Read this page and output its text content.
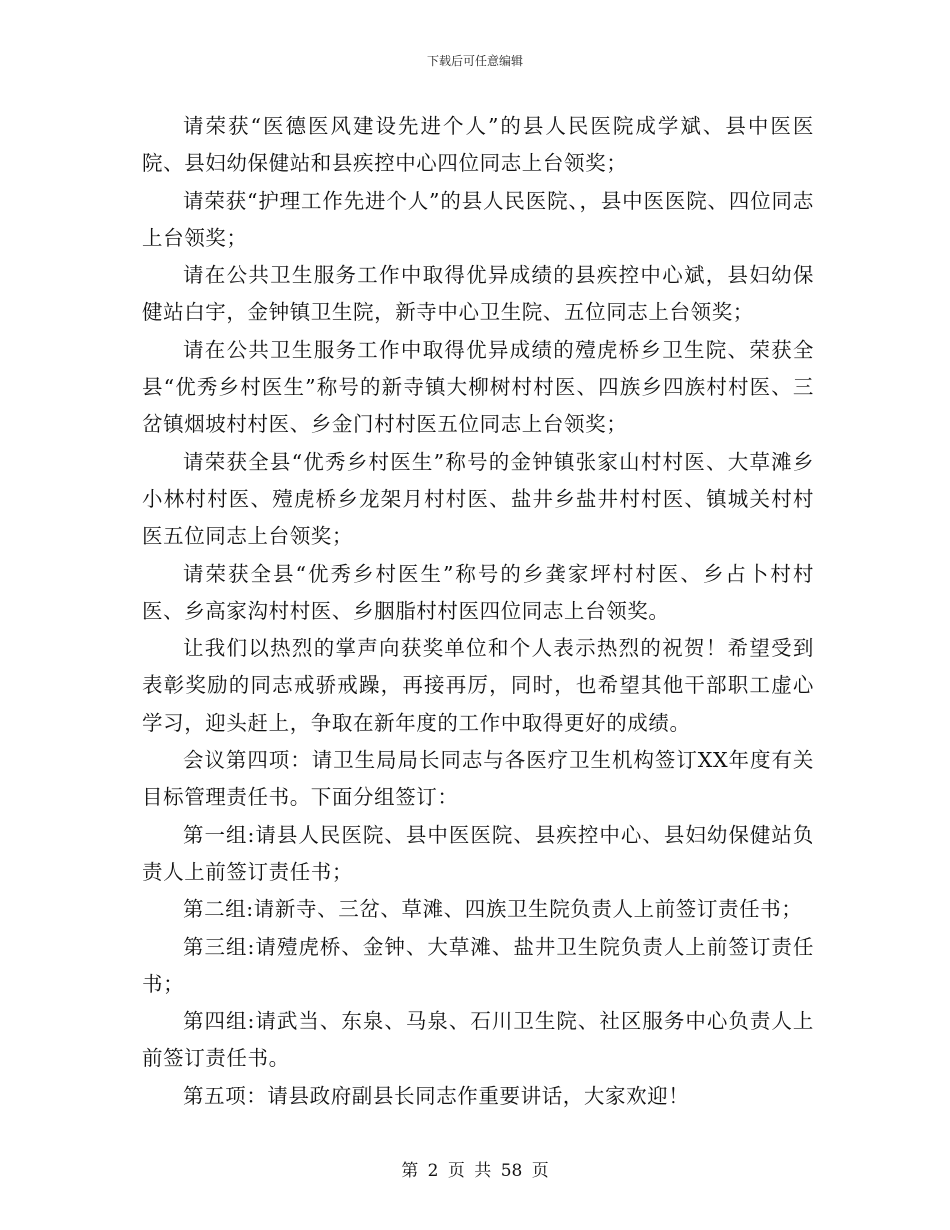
下载后可任意编辑

请荣获“医德医风建设先进个人”的县人民医院成学斌、县中医医院、县妇幼保健站和县疾控中心四位同志上台领奖；

请荣获“护理工作先进个人”的县人民医院、，县中医医院、四位同志上台领奖；

请在公共卫生服务工作中取得优异成绩的县疾控中心斌，县妇幼保健站白宇，金钟镇卫生院，新寺中心卫生院、五位同志上台领奖；

请在公共卫生服务工作中取得优异成绩的殪虎桥乡卫生院、荣获全县“优秀乡村医生”称号的新寺镇大柳树村村医、四族乡四族村村医、三岔镇烟坡村村医、乡金门村村医五位同志上台领奖；

请荣获全县“优秀乡村医生”称号的金钟镇张家山村村医、大草滩乡小林村村医、殪虎桥乡龙架月村村医、盐井乡盐井村村医、镇城关村村医五位同志上台领奖；

请荣获全县“优秀乡村医生”称号的乡龚家坪村村医、乡占卜村村医、乡高家沟村村医、乡胭脂村村医四位同志上台领奖。

让我们以热烈的掌声向获奖单位和个人表示热烈的祝贺！希望受到表彰奖励的同志戒骄戒躁，再接再厉，同时，也希望其他干部职工虚心学习，迎头赶上，争取在新年度的工作中取得更好的成绩。

会议第四项：请卫生局局长同志与各医疗卫生机构签订XX年度有关目标管理责任书。下面分组签订：

第一组:请县人民医院、县中医医院、县疾控中心、县妇幼保健站负责人上前签订责任书；

第二组:请新寺、三岔、草滩、四族卫生院负责人上前签订责任书；

第三组:请殪虎桥、金钟、大草滩、盐井卫生院负责人上前签订责任书；

第四组:请武当、东泉、马泉、石川卫生院、社区服务中心负责人上前签订责任书。

第五项：请县政府副县长同志作重要讲话，大家欢迎！

第 2 页 共 58 页
